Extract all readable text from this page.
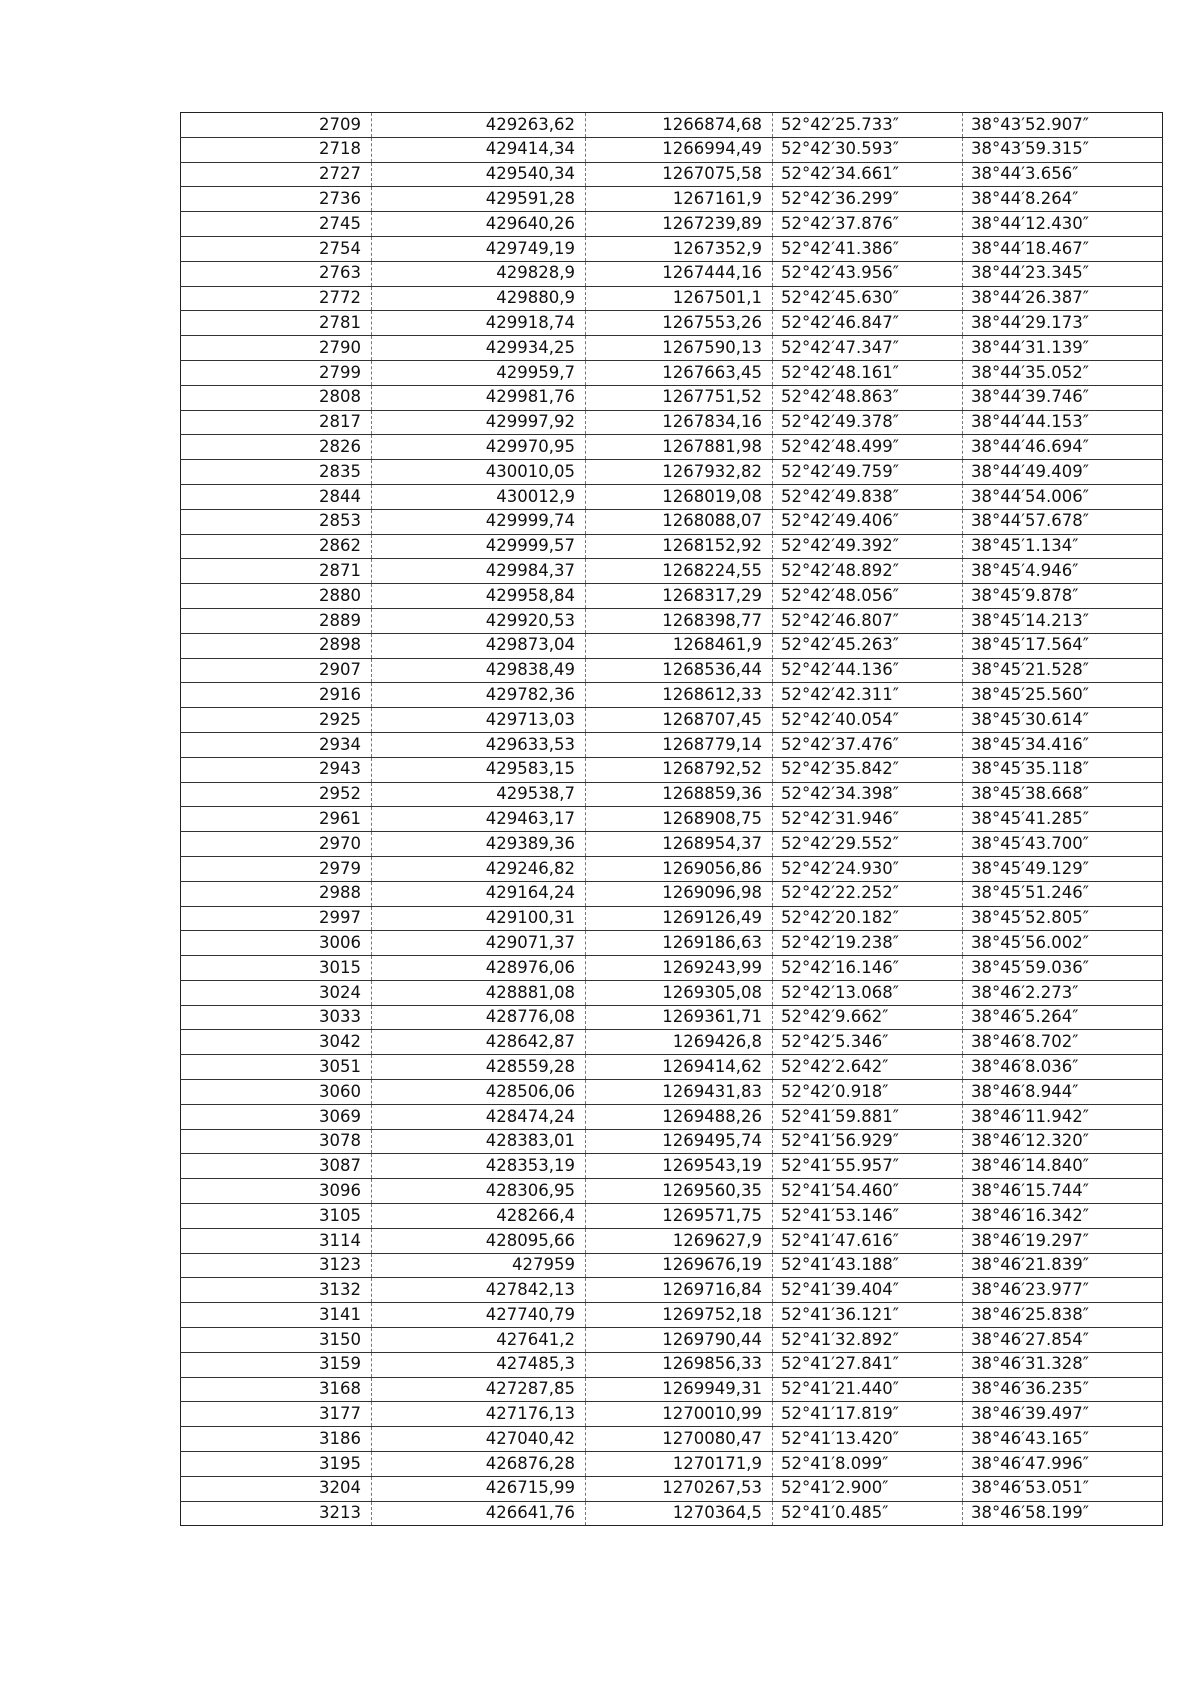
2709	429263,62	1266874,68	52°42′25.733″	38°43′52.907″
2718	429414,34	1266994,49	52°42′30.593″	38°43′59.315″
2727	429540,34	1267075,58	52°42′34.661″	38°44′3.656″
2736	429591,28	1267161,9	52°42′36.299″	38°44′8.264″
2745	429640,26	1267239,89	52°42′37.876″	38°44′12.430″
2754	429749,19	1267352,9	52°42′41.386″	38°44′18.467″
2763	429828,9	1267444,16	52°42′43.956″	38°44′23.345″
2772	429880,9	1267501,1	52°42′45.630″	38°44′26.387″
2781	429918,74	1267553,26	52°42′46.847″	38°44′29.173″
2790	429934,25	1267590,13	52°42′47.347″	38°44′31.139″
2799	429959,7	1267663,45	52°42′48.161″	38°44′35.052″
2808	429981,76	1267751,52	52°42′48.863″	38°44′39.746″
2817	429997,92	1267834,16	52°42′49.378″	38°44′44.153″
2826	429970,95	1267881,98	52°42′48.499″	38°44′46.694″
2835	430010,05	1267932,82	52°42′49.759″	38°44′49.409″
2844	430012,9	1268019,08	52°42′49.838″	38°44′54.006″
2853	429999,74	1268088,07	52°42′49.406″	38°44′57.678″
2862	429999,57	1268152,92	52°42′49.392″	38°45′1.134″
2871	429984,37	1268224,55	52°42′48.892″	38°45′4.946″
2880	429958,84	1268317,29	52°42′48.056″	38°45′9.878″
2889	429920,53	1268398,77	52°42′46.807″	38°45′14.213″
2898	429873,04	1268461,9	52°42′45.263″	38°45′17.564″
2907	429838,49	1268536,44	52°42′44.136″	38°45′21.528″
2916	429782,36	1268612,33	52°42′42.311″	38°45′25.560″
2925	429713,03	1268707,45	52°42′40.054″	38°45′30.614″
2934	429633,53	1268779,14	52°42′37.476″	38°45′34.416″
2943	429583,15	1268792,52	52°42′35.842″	38°45′35.118″
2952	429538,7	1268859,36	52°42′34.398″	38°45′38.668″
2961	429463,17	1268908,75	52°42′31.946″	38°45′41.285″
2970	429389,36	1268954,37	52°42′29.552″	38°45′43.700″
2979	429246,82	1269056,86	52°42′24.930″	38°45′49.129″
2988	429164,24	1269096,98	52°42′22.252″	38°45′51.246″
2997	429100,31	1269126,49	52°42′20.182″	38°45′52.805″
3006	429071,37	1269186,63	52°42′19.238″	38°45′56.002″
3015	428976,06	1269243,99	52°42′16.146″	38°45′59.036″
3024	428881,08	1269305,08	52°42′13.068″	38°46′2.273″
3033	428776,08	1269361,71	52°42′9.662″	38°46′5.264″
3042	428642,87	1269426,8	52°42′5.346″	38°46′8.702″
3051	428559,28	1269414,62	52°42′2.642″	38°46′8.036″
3060	428506,06	1269431,83	52°42′0.918″	38°46′8.944″
3069	428474,24	1269488,26	52°41′59.881″	38°46′11.942″
3078	428383,01	1269495,74	52°41′56.929″	38°46′12.320″
3087	428353,19	1269543,19	52°41′55.957″	38°46′14.840″
3096	428306,95	1269560,35	52°41′54.460″	38°46′15.744″
3105	428266,4	1269571,75	52°41′53.146″	38°46′16.342″
3114	428095,66	1269627,9	52°41′47.616″	38°46′19.297″
3123	427959	1269676,19	52°41′43.188″	38°46′21.839″
3132	427842,13	1269716,84	52°41′39.404″	38°46′23.977″
3141	427740,79	1269752,18	52°41′36.121″	38°46′25.838″
3150	427641,2	1269790,44	52°41′32.892″	38°46′27.854″
3159	427485,3	1269856,33	52°41′27.841″	38°46′31.328″
3168	427287,85	1269949,31	52°41′21.440″	38°46′36.235″
3177	427176,13	1270010,99	52°41′17.819″	38°46′39.497″
3186	427040,42	1270080,47	52°41′13.420″	38°46′43.165″
3195	426876,28	1270171,9	52°41′8.099″	38°46′47.996″
3204	426715,99	1270267,53	52°41′2.900″	38°46′53.051″
3213	426641,76	1270364,5	52°41′0.485″	38°46′58.199″
